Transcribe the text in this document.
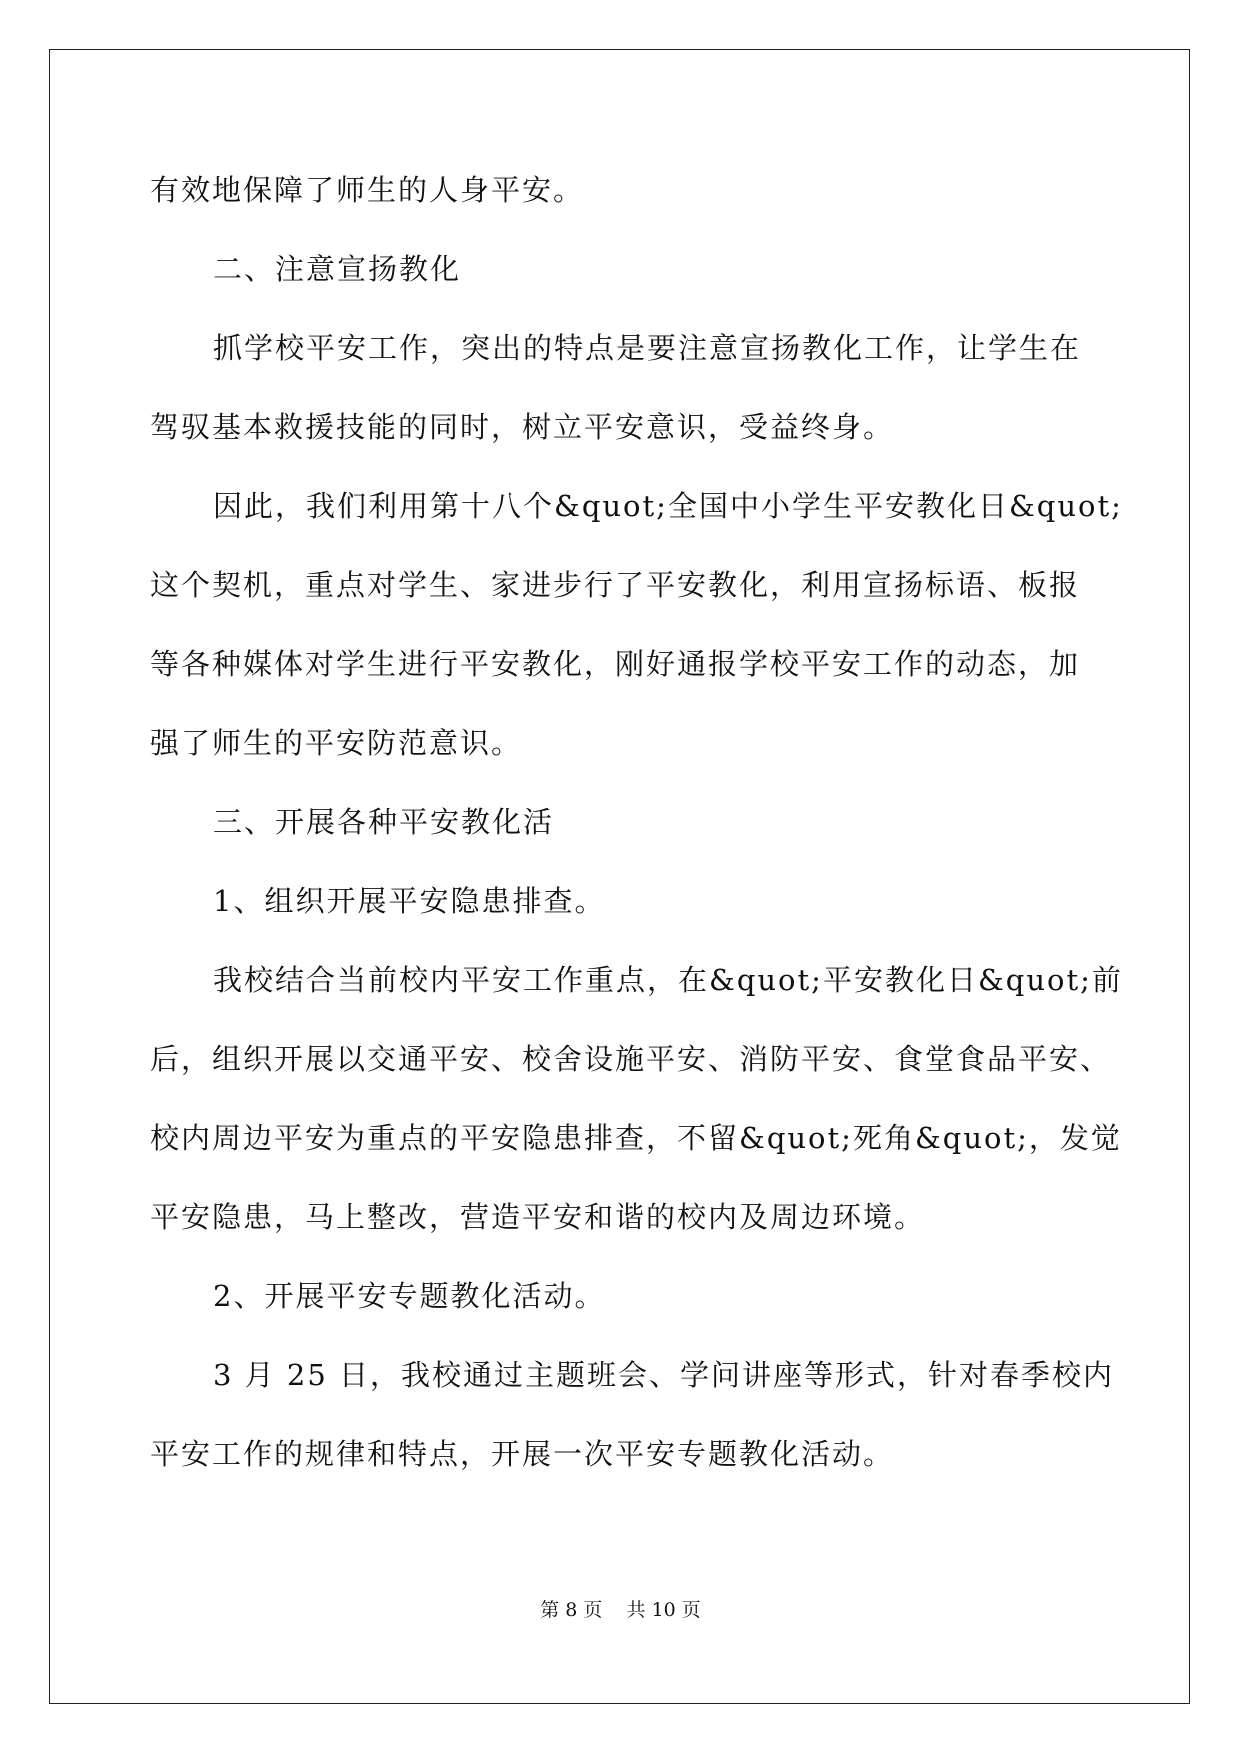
有效地保障了师生的人身平安。
二、注意宣扬教化
抓学校平安工作，突出的特点是要注意宣扬教化工作，让学生在
驾驭基本救援技能的同时，树立平安意识，受益终身。
因此，我们利用第十八个&quot;全国中小学生平安教化日&quot;
这个契机，重点对学生、家进步行了平安教化，利用宣扬标语、板报
等各种媒体对学生进行平安教化，刚好通报学校平安工作的动态，加
强了师生的平安防范意识。
三、开展各种平安教化活
1、组织开展平安隐患排查。
我校结合当前校内平安工作重点，在&quot;平安教化日&quot;前
后，组织开展以交通平安、校舍设施平安、消防平安、食堂食品平安、
校内周边平安为重点的平安隐患排查，不留&quot;死角&quot;，发觉
平安隐患，马上整改，营造平安和谐的校内及周边环境。
2、开展平安专题教化活动。
3 月 25 日，我校通过主题班会、学问讲座等形式，针对春季校内
平安工作的规律和特点，开展一次平安专题教化活动。
第 8 页    共 10 页
